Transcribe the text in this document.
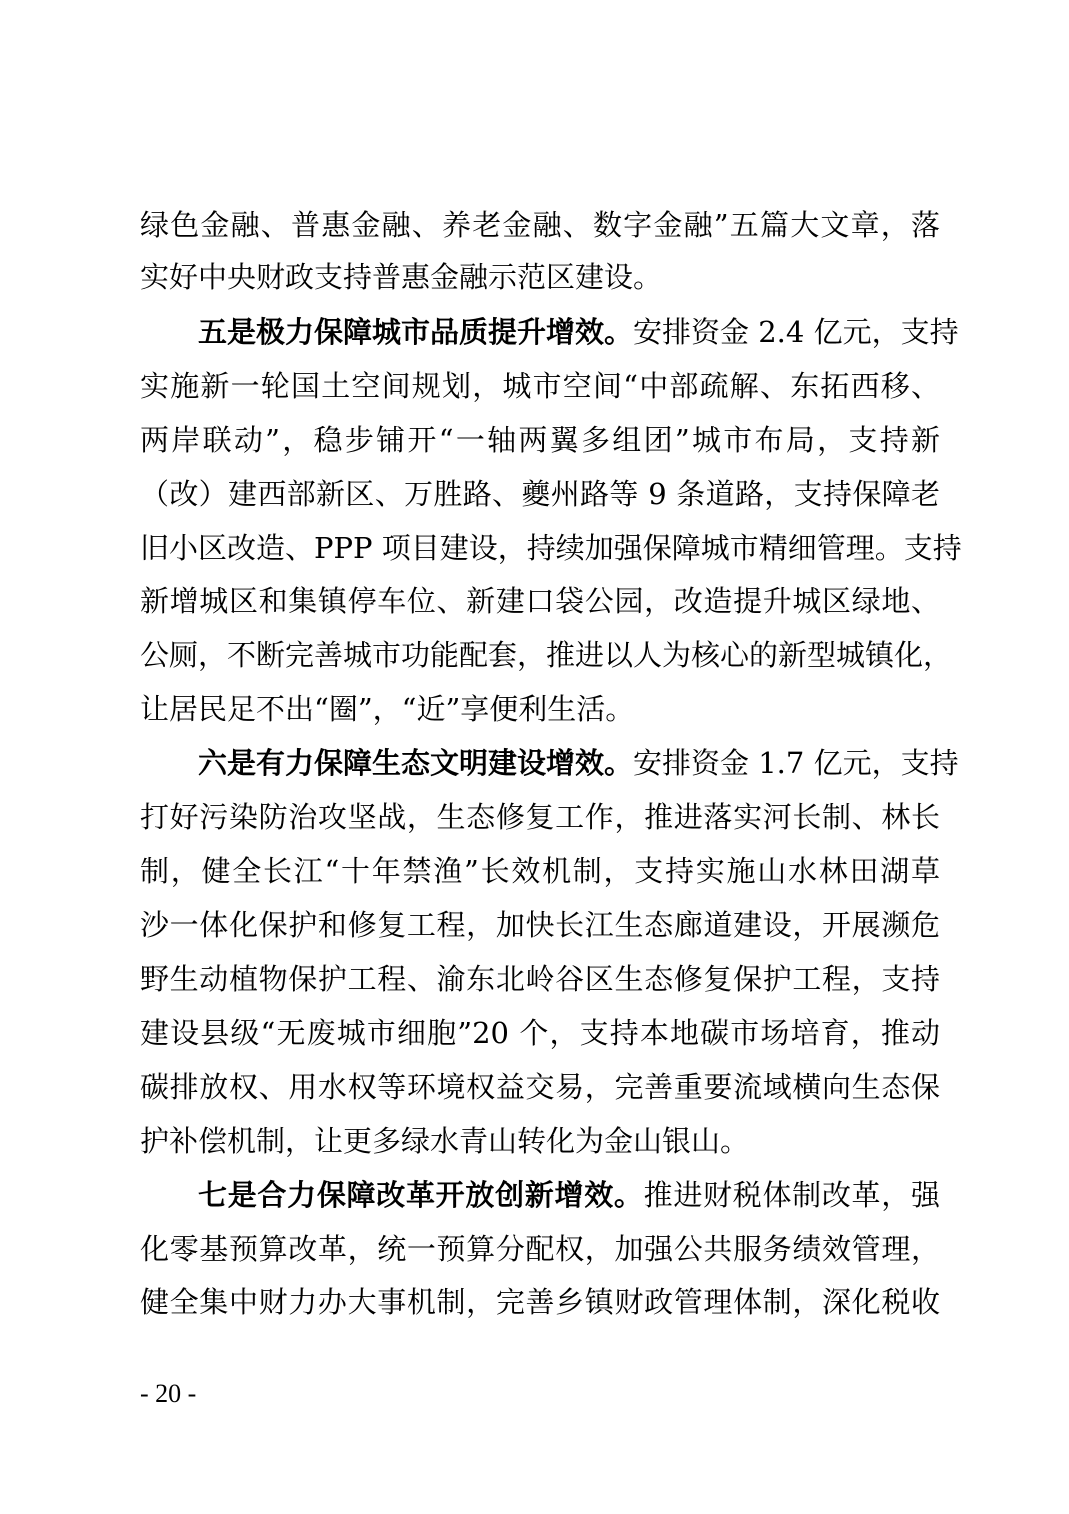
绿色金融、普惠金融、养老金融、数字金融”五篇大文章，落
实好中央财政支持普惠金融示范区建设。
五是极力保障城市品质提升增效。安排资金 2.4 亿元，支持
实施新一轮国土空间规划，城市空间“中部疏解、东拓西移、
两岸联动”，稳步铺开“一轴两翼多组团”城市布局，支持新
（改）建西部新区、万胜路、夔州路等 9 条道路，支持保障老
旧小区改造、PPP 项目建设，持续加强保障城市精细管理。支持
新增城区和集镇停车位、新建口袋公园，改造提升城区绿地、
公厕，不断完善城市功能配套，推进以人为核心的新型城镇化，
让居民足不出“圈”，“近”享便利生活。
六是有力保障生态文明建设增效。安排资金 1.7 亿元，支持
打好污染防治攻坚战，生态修复工作，推进落实河长制、林长
制，健全长江“十年禁渔”长效机制，支持实施山水林田湖草
沙一体化保护和修复工程，加快长江生态廊道建设，开展濒危
野生动植物保护工程、渝东北岭谷区生态修复保护工程，支持
建设县级“无废城市细胞”20 个，支持本地碳市场培育，推动
碳排放权、用水权等环境权益交易，完善重要流域横向生态保
护补偿机制，让更多绿水青山转化为金山银山。
七是合力保障改革开放创新增效。推进财税体制改革，强
化零基预算改革，统一预算分配权，加强公共服务绩效管理，
健全集中财力办大事机制，完善乡镇财政管理体制，深化税收
- 20 -
